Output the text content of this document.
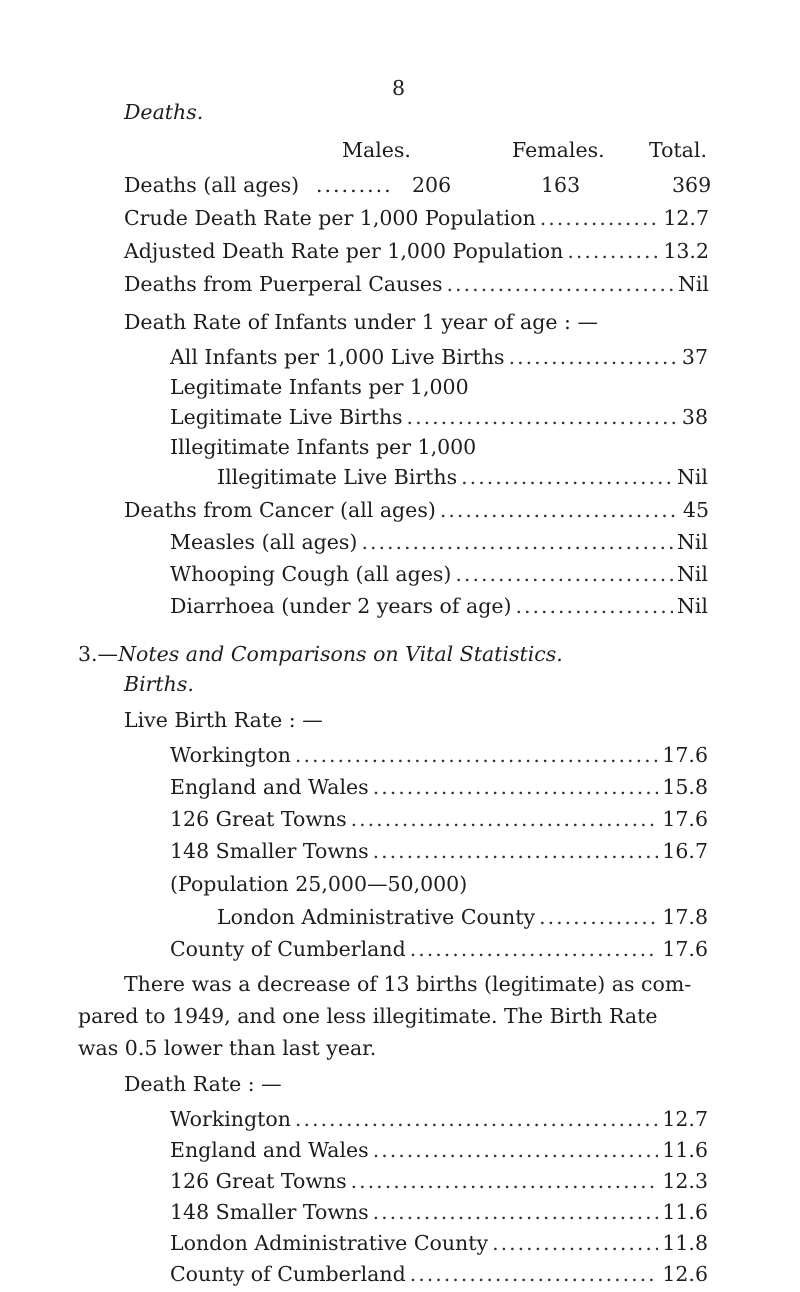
8
Deaths.
Males.	Females. Total.
Deaths (all ages) ......... 206	163	369
Crude Death Rate per 1,000 Population .....	12.7
Adjusted Death Rate per 1,000 Population .....	13.2
Deaths from Puerperal Causes .....	Nil
Death Rate of Infants under 1 year of age : —
All Infants per 1,000 Live Births .....	37
Legitimate Infants per 1,000
Legitimate Live Births .....	38
Illegitimate Infants per 1,000
Illegitimate Live Births .....	Nil
Deaths from Cancer (all ages) .....	45
Measles (all ages) .....	Nil
Whooping Cough (all ages) .....	Nil
Diarrhoea (under 2 years of age) .....	Nil
3.—Notes and Comparisons on Vital Statistics.
Births.
Live Birth Rate : —
Workington .....	17.6
England and Wales .....	15.8
126 Great Towns .....	17.6
148 Smaller Towns .....	16.7
(Population 25,000—50,000)
London Administrative County .....	17.8
County of Cumberland .....	17.6
There was a decrease of 13 births (legitimate) as com-
pared to 1949, and one less illegitimate. The Birth Rate
was 0.5 lower than last year.
Death Rate : —
Workington .....	12.7
England and Wales .....	11.6
126 Great Towns .....	12.3
148 Smaller Towns .....	11.6
London Administrative County .....	11.8
County of Cumberland .....	12.6
